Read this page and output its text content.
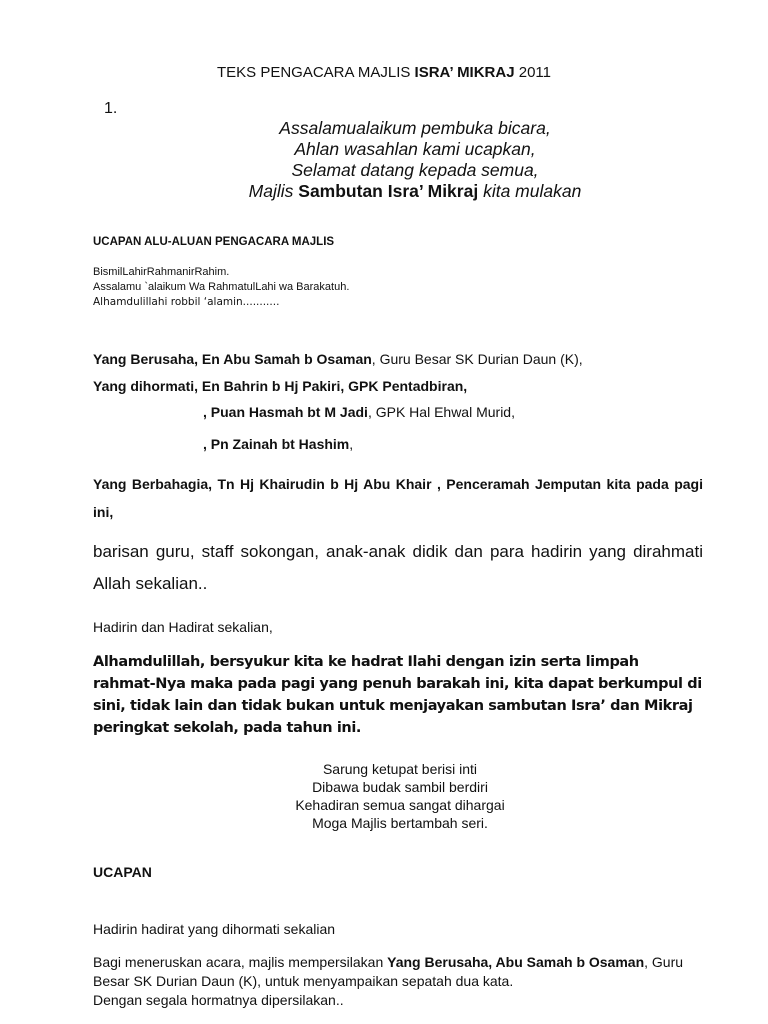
TEKS PENGACARA MAJLIS ISRA’ MIKRAJ 2011
1.
Assalamualaikum pembuka bicara,
Ahlan wasahlan kami ucapkan,
Selamat datang kepada semua,
Majlis Sambutan Isra’ Mikraj kita mulakan
UCAPAN ALU-ALUAN PENGACARA MAJLIS
BismilLahirRahmanirRahim.
Assalamu `alaikum Wa RahmatulLahi wa Barakatuh.
Alhamdulillahi robbil ‘alamin...........
Yang Berusaha, En Abu Samah b Osaman, Guru Besar SK Durian Daun (K),
Yang dihormati, En Bahrin b Hj Pakiri, GPK Pentadbiran,
, Puan Hasmah bt M Jadi, GPK Hal Ehwal Murid,
, Pn Zainah bt Hashim,
Yang Berbahagia, Tn Hj Khairudin b Hj Abu Khair , Penceramah Jemputan kita pada pagi ini,
barisan guru, staff sokongan, anak-anak didik dan para hadirin yang dirahmati Allah sekalian..
Hadirin dan Hadirat sekalian,
Alhamdulillah, bersyukur kita ke hadrat Ilahi dengan izin serta limpah rahmat-Nya maka pada pagi yang penuh barakah ini, kita dapat berkumpul di sini, tidak lain dan tidak bukan untuk menjayakan sambutan Isra’ dan Mikraj peringkat sekolah, pada tahun ini.
Sarung ketupat berisi inti
Dibawa budak sambil berdiri
Kehadiran semua sangat dihargai
Moga Majlis bertambah seri.
UCAPAN
Hadirin hadirat yang dihormati sekalian
Bagi meneruskan acara, majlis mempersilakan Yang Berusaha, Abu Samah b Osaman, Guru Besar SK Durian Daun (K), untuk menyampaikan sepatah dua kata.
Dengan segala hormatnya dipersilakan..
